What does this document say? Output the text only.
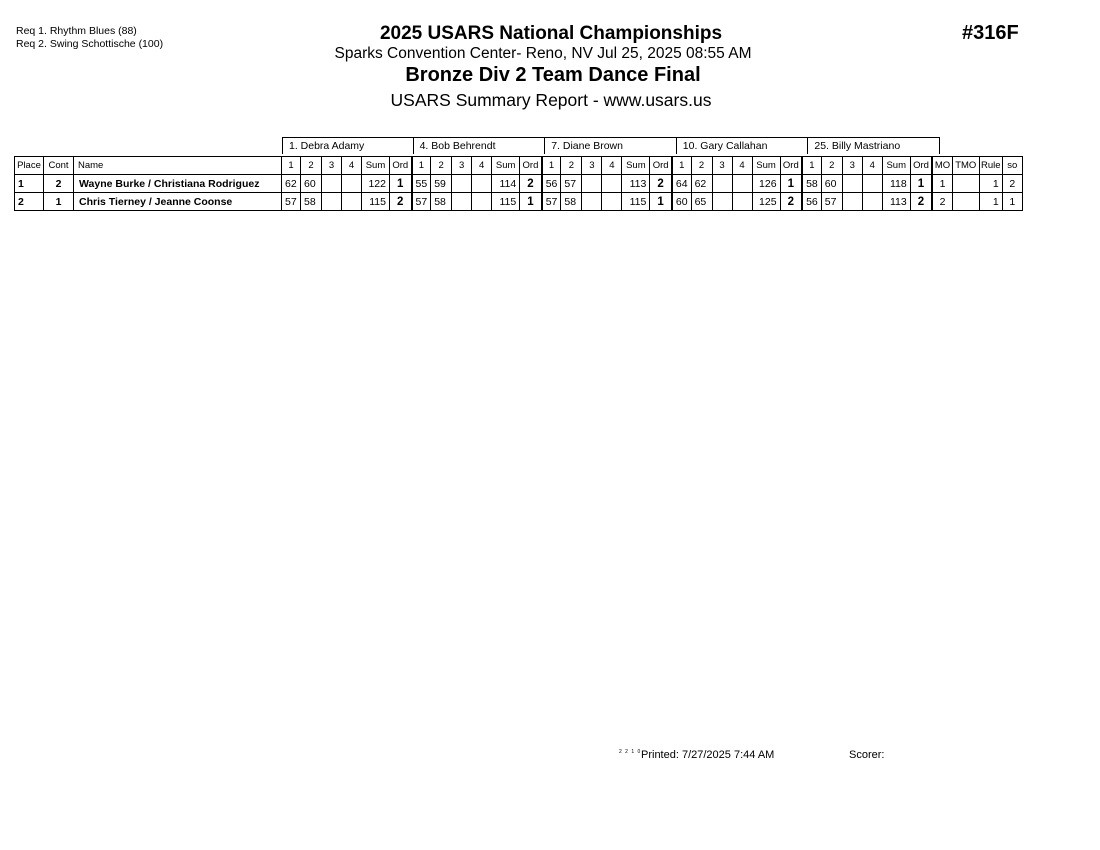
Req 1. Rhythm Blues (88)
Req 2. Swing Schottische (100)	#316F
2025 USARS National Championships
Sparks Convention Center- Reno, NV Jul 25, 2025 08:55 AM
Bronze Div 2 Team Dance Final
USARS Summary Report - www.usars.us
1. Debra Adamy	4. Bob Behrendt	7. Diane Brown	10. Gary Callahan	25. Billy Mastriano
Place	Cont	Name	1	2	3	4	Sum	Ord	1	2	3	4	Sum	Ord	1	2	3	4	Sum	Ord	1	2	3	4	Sum	Ord	1	2	3	4	Sum	Ord	MO	TMO	Rule	so
1	2	Wayne Burke / Christiana Rodriguez	62	60			122	1	55	59			114	2	56	57			113	2	64	62			126	1	58	60			118	1	1		1	2
2	1	Chris Tierney / Jeanne Coonse	57	58			115	2	57	58			115	1	57	58			115	1	60	65			125	2	56	57			113	2	2		1	1
2 2 1 0 Printed: 7/27/2025 7:44 AM	Scorer:
